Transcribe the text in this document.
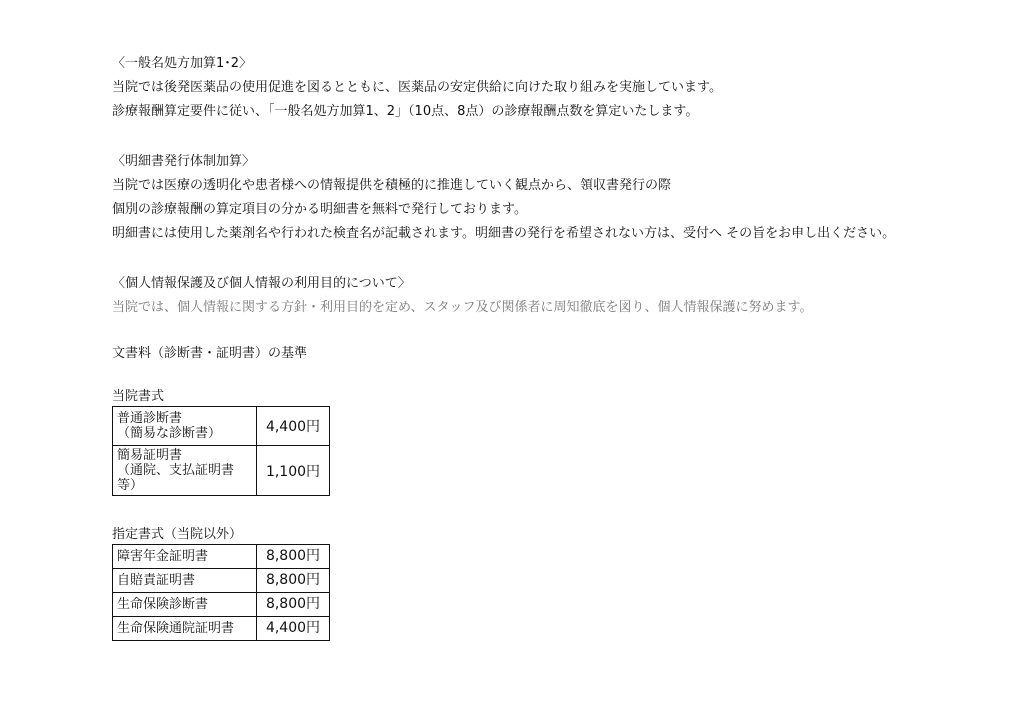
〈一般名処方加算1･2〉
当院では後発医薬品の使用促進を図るとともに、医薬品の安定供給に向けた取り組みを実施しています。
診療報酬算定要件に従い、「一般名処方加算1、2」（10点、8点）の診療報酬点数を算定いたします。
〈明細書発行体制加算〉
当院では医療の透明化や患者様への情報提供を積極的に推進していく観点から、領収書発行の際
個別の診療報酬の算定項目の分かる明細書を無料で発行しております。
明細書には使用した薬剤名や行われた検査名が記載されます。明細書の発行を希望されない方は、受付へ その旨をお申し出ください。
〈個人情報保護及び個人情報の利用目的について〉
当院では、個人情報に関する方針・利用目的を定め、スタッフ及び関係者に周知徹底を図り、個人情報保護に努めます。
文書料（診断書・証明書）の基準
当院書式
普通診断書
（簡易な診断書）	4,400円

簡易証明書
（通院、支払証明書等）	1,100円
指定書式（当院以外）
障害年金証明書	8,800円
自賠責証明書	8,800円
生命保険診断書	8,800円
生命保険通院証明書	4,400円
